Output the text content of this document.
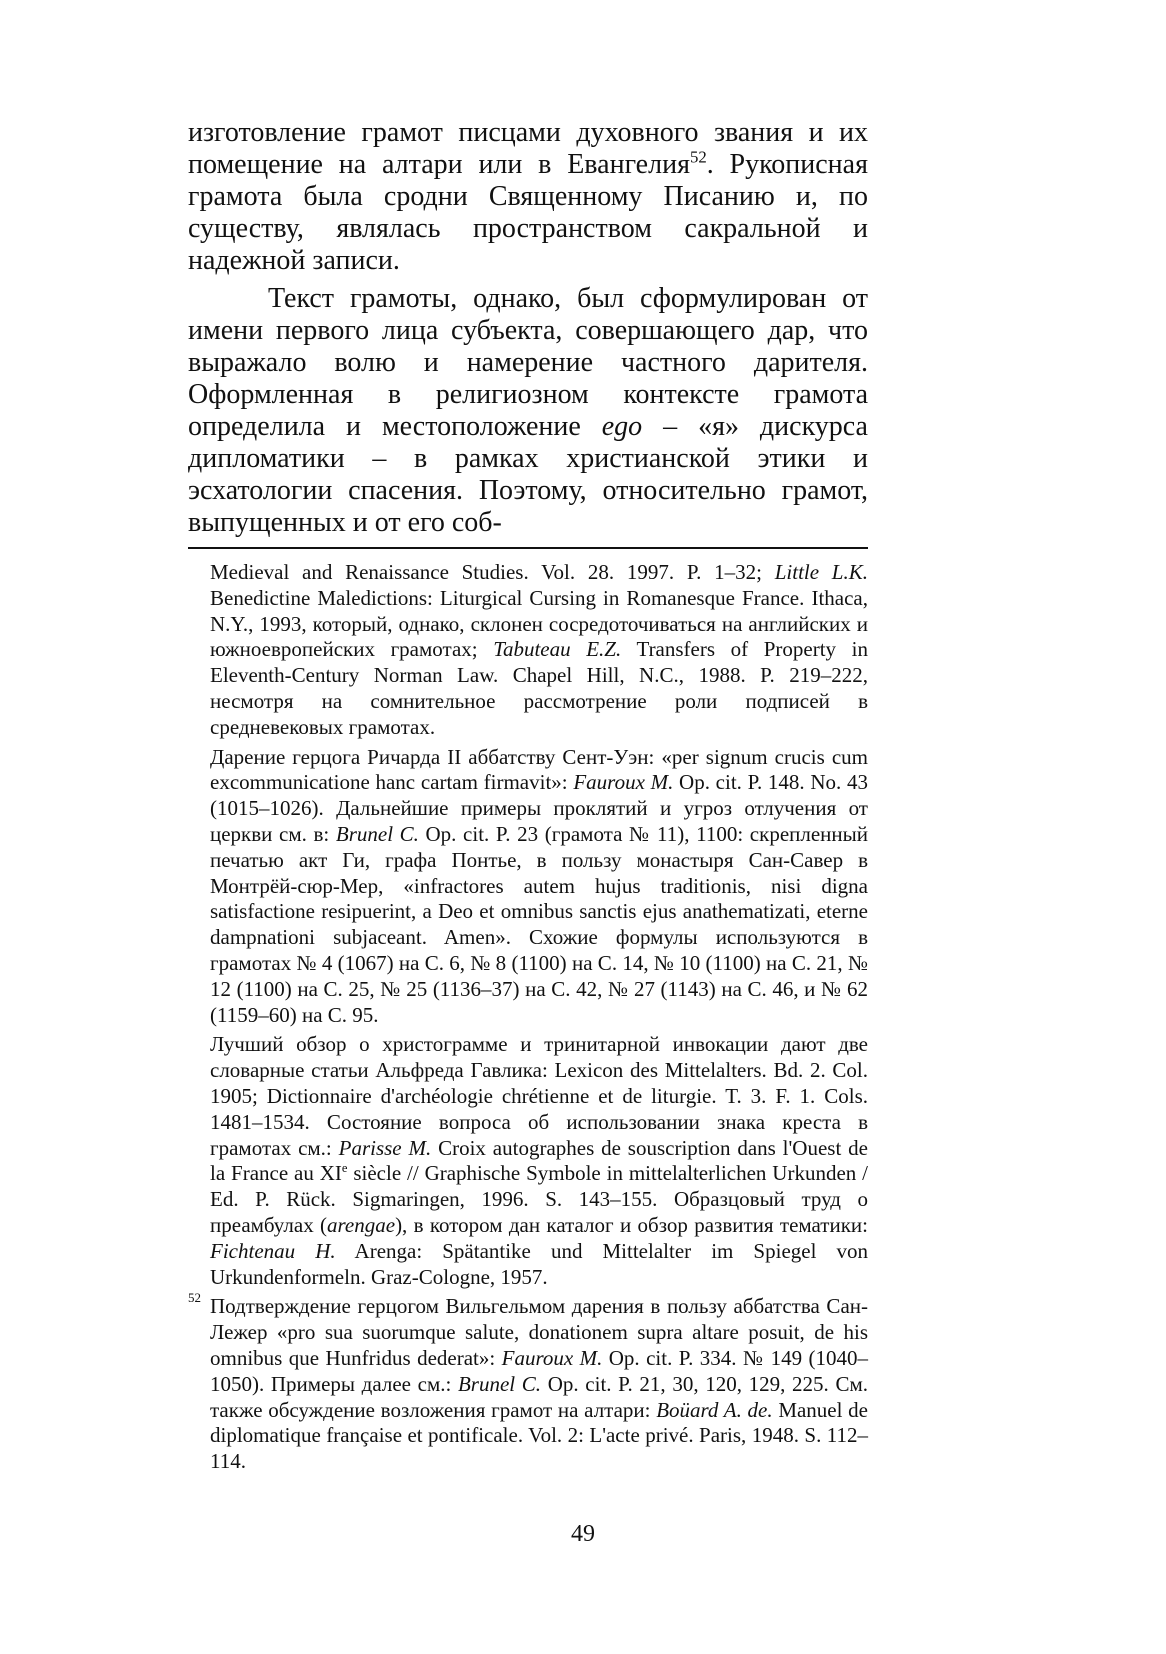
изготовление грамот писцами духовного звания и их помещение на алтари или в Евангелия$^{52}$. Рукописная грамота была сродни Священному Писанию и, по существу, являлась пространством сакральной и надежной записи.

Текст грамоты, однако, был сформулирован от имени первого лица субъекта, совершающего дар, что выражало волю и намерение частного дарителя. Оформленная в религиозном контексте грамота определила и местоположение ego – «я» дискурса дипломатики – в рамках христианской этики и эсхатологии спасения. Поэтому, относительно грамот, выпущенных и от его соб-

Medieval and Renaissance Studies. Vol. 28. 1997. P. 1–32; Little L.K. Benedictine Maledictions: Liturgical Cursing in Romanesque France. Ithaca, N.Y., 1993, который, однако, склонен сосредоточиваться на английских и южноевропейских грамотах; Tabuteau E.Z. Transfers of Property in Eleventh-Century Norman Law. Chapel Hill, N.C., 1988. P. 219–222, несмотря на сомнительное рассмотрение роли подписей в средневековых грамотах.
Дарение герцога Ричарда II аббатству Сент-Уэн: «per signum crucis cum excommunicatione hanc cartam firmavit»: Fauroux M. Op. cit. P. 148. No. 43 (1015–1026). Дальнейшие примеры проклятий и угроз отлучения от церкви см. в: Brunel C. Op. cit. P. 23 (грамота № 11), 1100: скрепленный печатью акт Ги, графа Понтье, в пользу монастыря Сан-Савер в Монтрёй-сюр-Мер, «infractores autem hujus traditionis, nisi digna satisfactione resipuerint, a Deo et omnibus sanctis ejus anathematizati, eterne dampnationi subjaceant. Amen». Схожие формулы используются в грамотах № 4 (1067) на С. 6, № 8 (1100) на С. 14, № 10 (1100) на С. 21, № 12 (1100) на С. 25, № 25 (1136–37) на С. 42, № 27 (1143) на С. 46, и № 62 (1159–60) на С. 95.
Лучший обзор о христограмме и тринитарной инвокации дают две словарные статьи Альфреда Гавлика: Lexicon des Mittelalters. Bd. 2. Col. 1905; Dictionnaire d'archéologie chrétienne et de liturgie. T. 3. F. 1. Cols. 1481–1534. Состояние вопроса об использовании знака креста в грамотах см.: Parisse M. Croix autographes de souscription dans l'Ouest de la France au XIe siècle // Graphische Symbole in mittelalterlichen Urkunden / Ed. P. Rück. Sigmaringen, 1996. S. 143–155. Образцовый труд о преамбулах (arengae), в котором дан каталог и обзор развития тематики: Fichtenau H. Arenga: Spätantike und Mittelalter im Spiegel von Urkundenformeln. Graz-Cologne, 1957.
52 Подтверждение герцогом Вильгельмом дарения в пользу аббатства Сан-Лежер «pro sua suorumque salute, donationem supra altare posuit, de his omnibus que Hunfridus dederat»: Fauroux M. Op. cit. P. 334. № 149 (1040–1050). Примеры далее см.: Brunel C. Op. cit. P. 21, 30, 120, 129, 225. См. также обсуждение возложения грамот на алтари: Boüard A. de. Manuel de diplomatique française et pontificale. Vol. 2: L'acte privé. Paris, 1948. S. 112–114.
49
